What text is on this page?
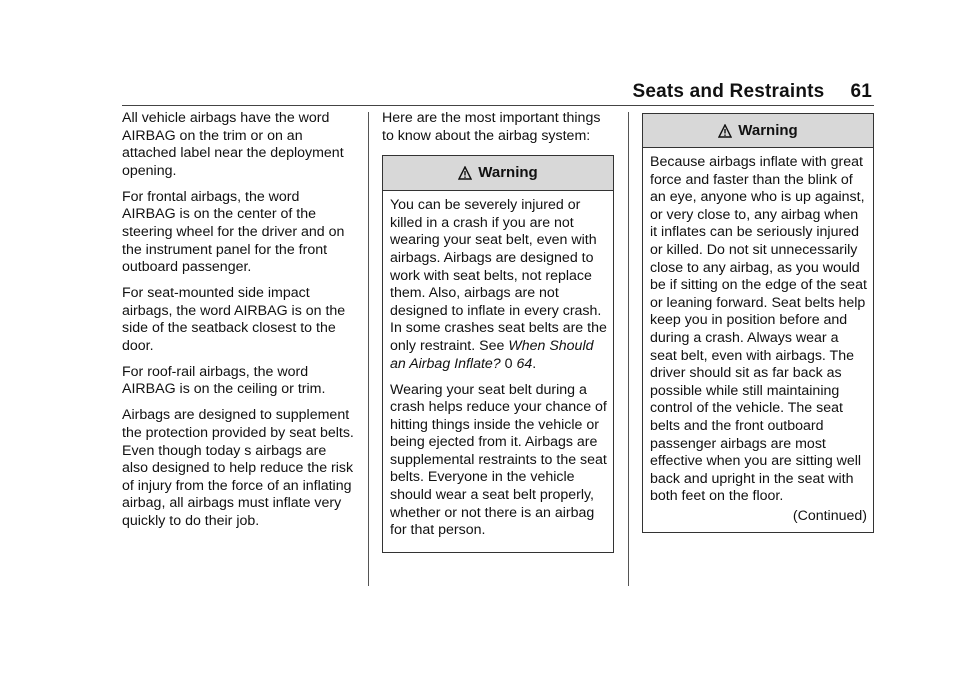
Seats and Restraints 61

All vehicle airbags have the word AIRBAG on the trim or on an attached label near the deployment opening.

For frontal airbags, the word AIRBAG is on the center of the steering wheel for the driver and on the instrument panel for the front outboard passenger.

For seat-mounted side impact airbags, the word AIRBAG is on the side of the seatback closest to the door.

For roof-rail airbags, the word AIRBAG is on the ceiling or trim.

Airbags are designed to supplement the protection provided by seat belts. Even though today s airbags are also designed to help reduce the risk of injury from the force of an inflating airbag, all airbags must inflate very quickly to do their job.

Here are the most important things to know about the airbag system:

Warning

You can be severely injured or killed in a crash if you are not wearing your seat belt, even with airbags. Airbags are designed to work with seat belts, not replace them. Also, airbags are not designed to inflate in every crash. In some crashes seat belts are the only restraint. See When Should an Airbag Inflate? 0 64.

Wearing your seat belt during a crash helps reduce your chance of hitting things inside the vehicle or being ejected from it. Airbags are supplemental restraints to the seat belts. Everyone in the vehicle should wear a seat belt properly, whether or not there is an airbag for that person.

Warning

Because airbags inflate with great force and faster than the blink of an eye, anyone who is up against, or very close to, any airbag when it inflates can be seriously injured or killed. Do not sit unnecessarily close to any airbag, as you would be if sitting on the edge of the seat or leaning forward. Seat belts help keep you in position before and during a crash. Always wear a seat belt, even with airbags. The driver should sit as far back as possible while still maintaining control of the vehicle. The seat belts and the front outboard passenger airbags are most effective when you are sitting well back and upright in the seat with both feet on the floor.

(Continued)
